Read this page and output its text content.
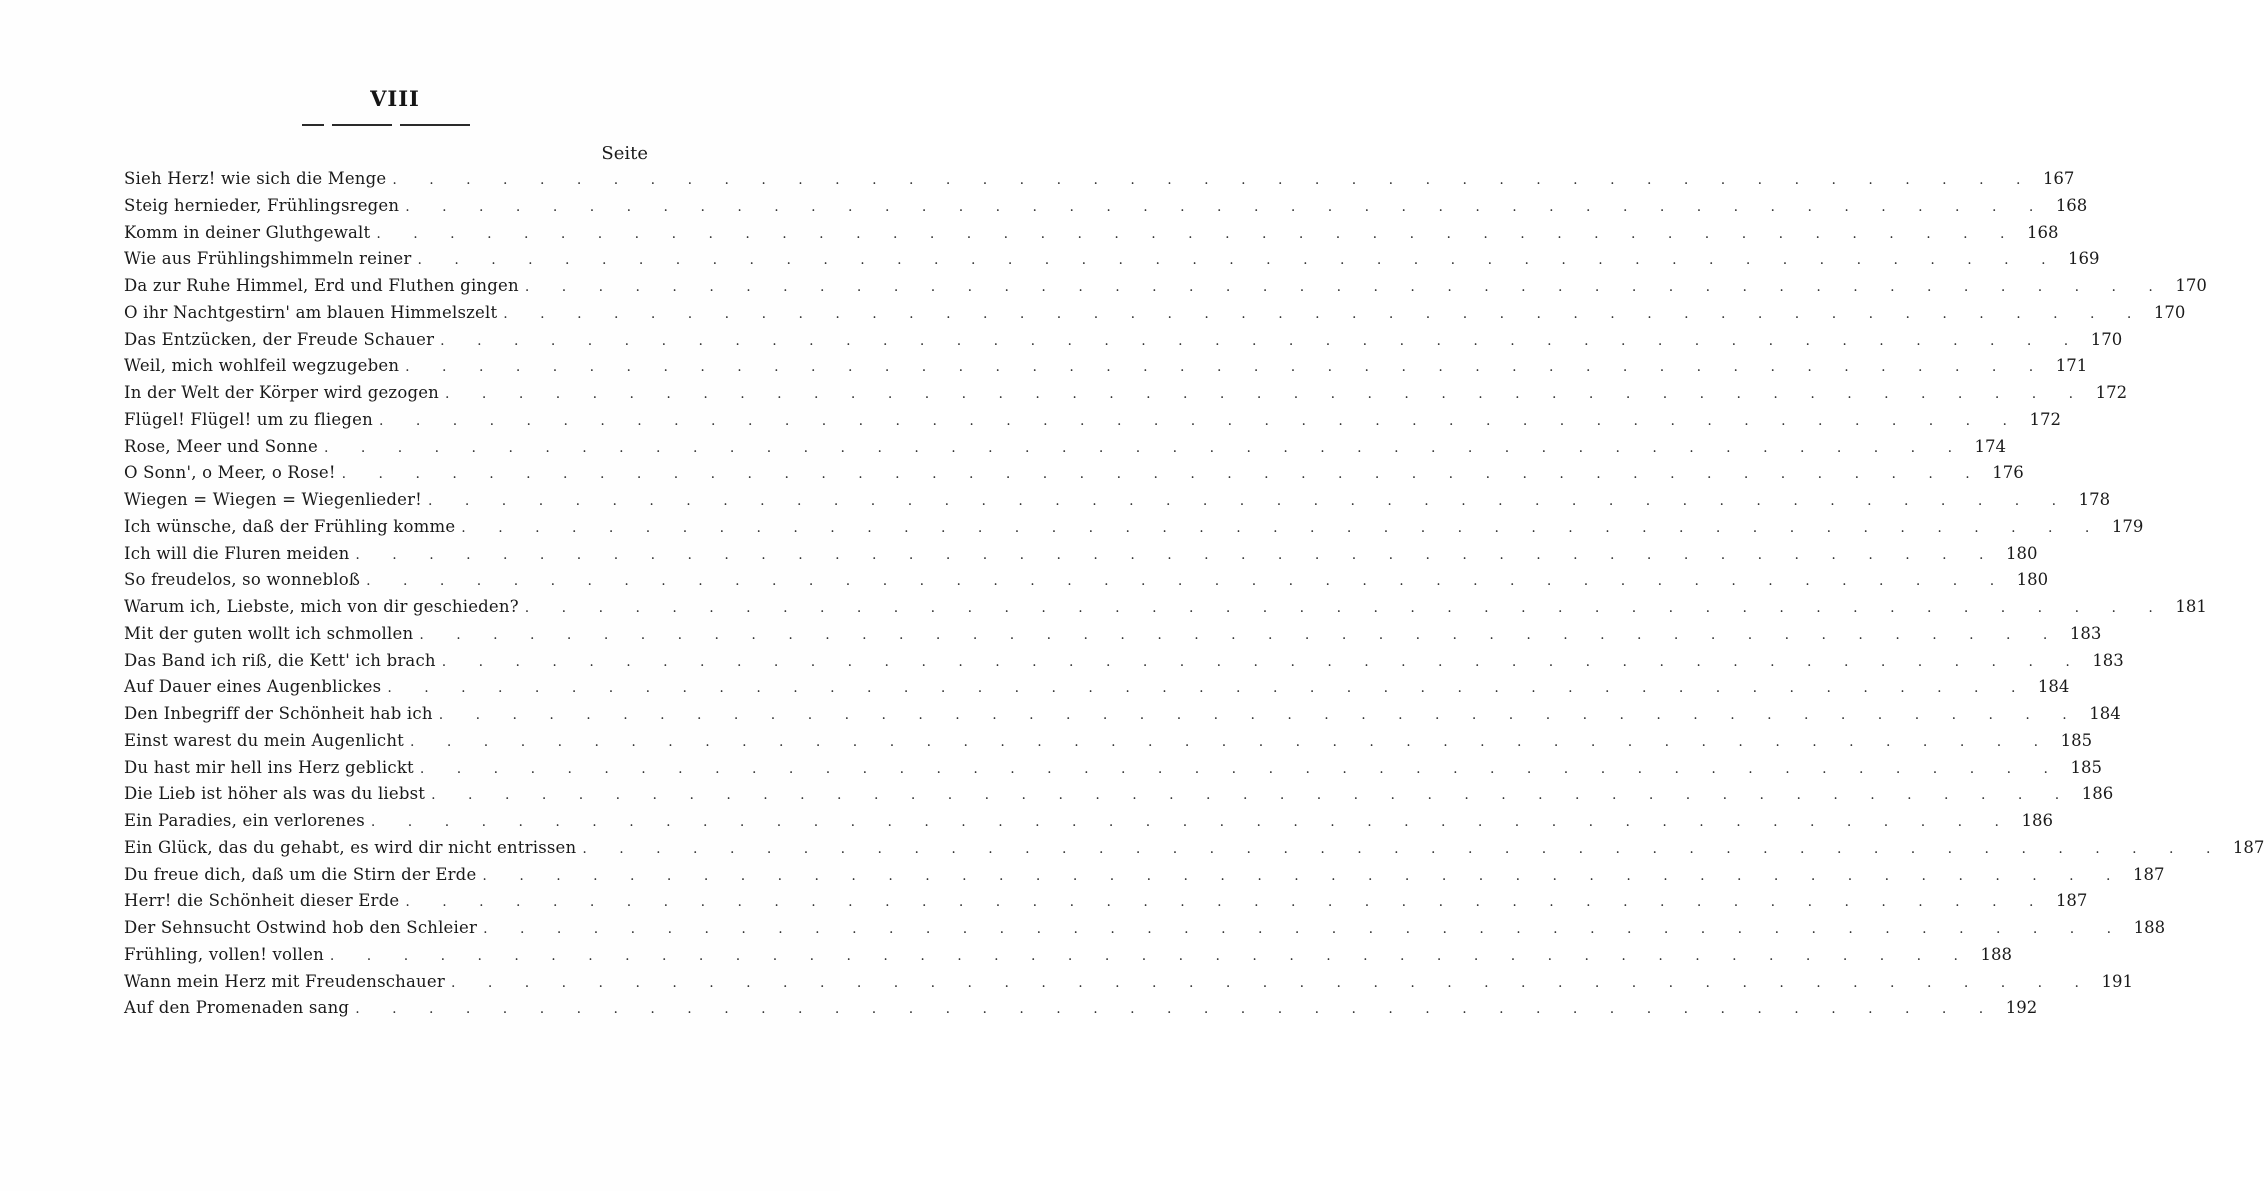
VIII
Seite
Sieh Herz! wie sich die Menge . . .	167
Steig hernieder, Frühlingsregen . . .	168
Komm in deiner Gluthgewalt . . .	168
Wie aus Frühlingshimmeln reiner . . .	169
Da zur Ruhe Himmel, Erd und Fluthen gingen . . .	170
O ihr Nachtgestirn' am blauen Himmelszelt . . .	170
Das Entzücken, der Freude Schauer . . .	170
Weil, mich wohlfeil wegzugeben . . .	171
In der Welt der Körper wird gezogen . . .	172
Flügel! Flügel! um zu fliegen . . .	172
Rose, Meer und Sonne . . .	174
O Sonn', o Meer, o Rose! . . .	176
Wiegen = Wiegen = Wiegenlieder! . . .	178
Ich wünsche, daß der Frühling komme . . .	179
Ich will die Fluren meiden . . .	180
So freudelos, so wonnebloß . . .	180
Warum ich, Liebste, mich von dir geschieden? . . .	181
Mit der guten wollt ich schmollen . . .	183
Das Band ich riß, die Kett' ich brach . . .	183
Auf Dauer eines Augenblickes . . .	184
Den Inbegriff der Schönheit hab ich . . .	184
Einst warest du mein Augenlicht . . .	185
Du hast mir hell ins Herz geblickt . . .	185
Die Lieb ist höher als was du liebst . . .	186
Ein Paradies, ein verlorenes . . .	186
Ein Glück, das du gehabt, es wird dir nicht entrissen . . .	187
Du freue dich, daß um die Stirn der Erde . . .	187
Herr! die Schönheit dieser Erde . . .	187
Der Sehnsucht Ostwind hob den Schleier . . .	188
Frühling, vollen! vollen . . .	188
Wann mein Herz mit Freudenschauer . . .	191
Auf den Promenaden sang . . .	192
